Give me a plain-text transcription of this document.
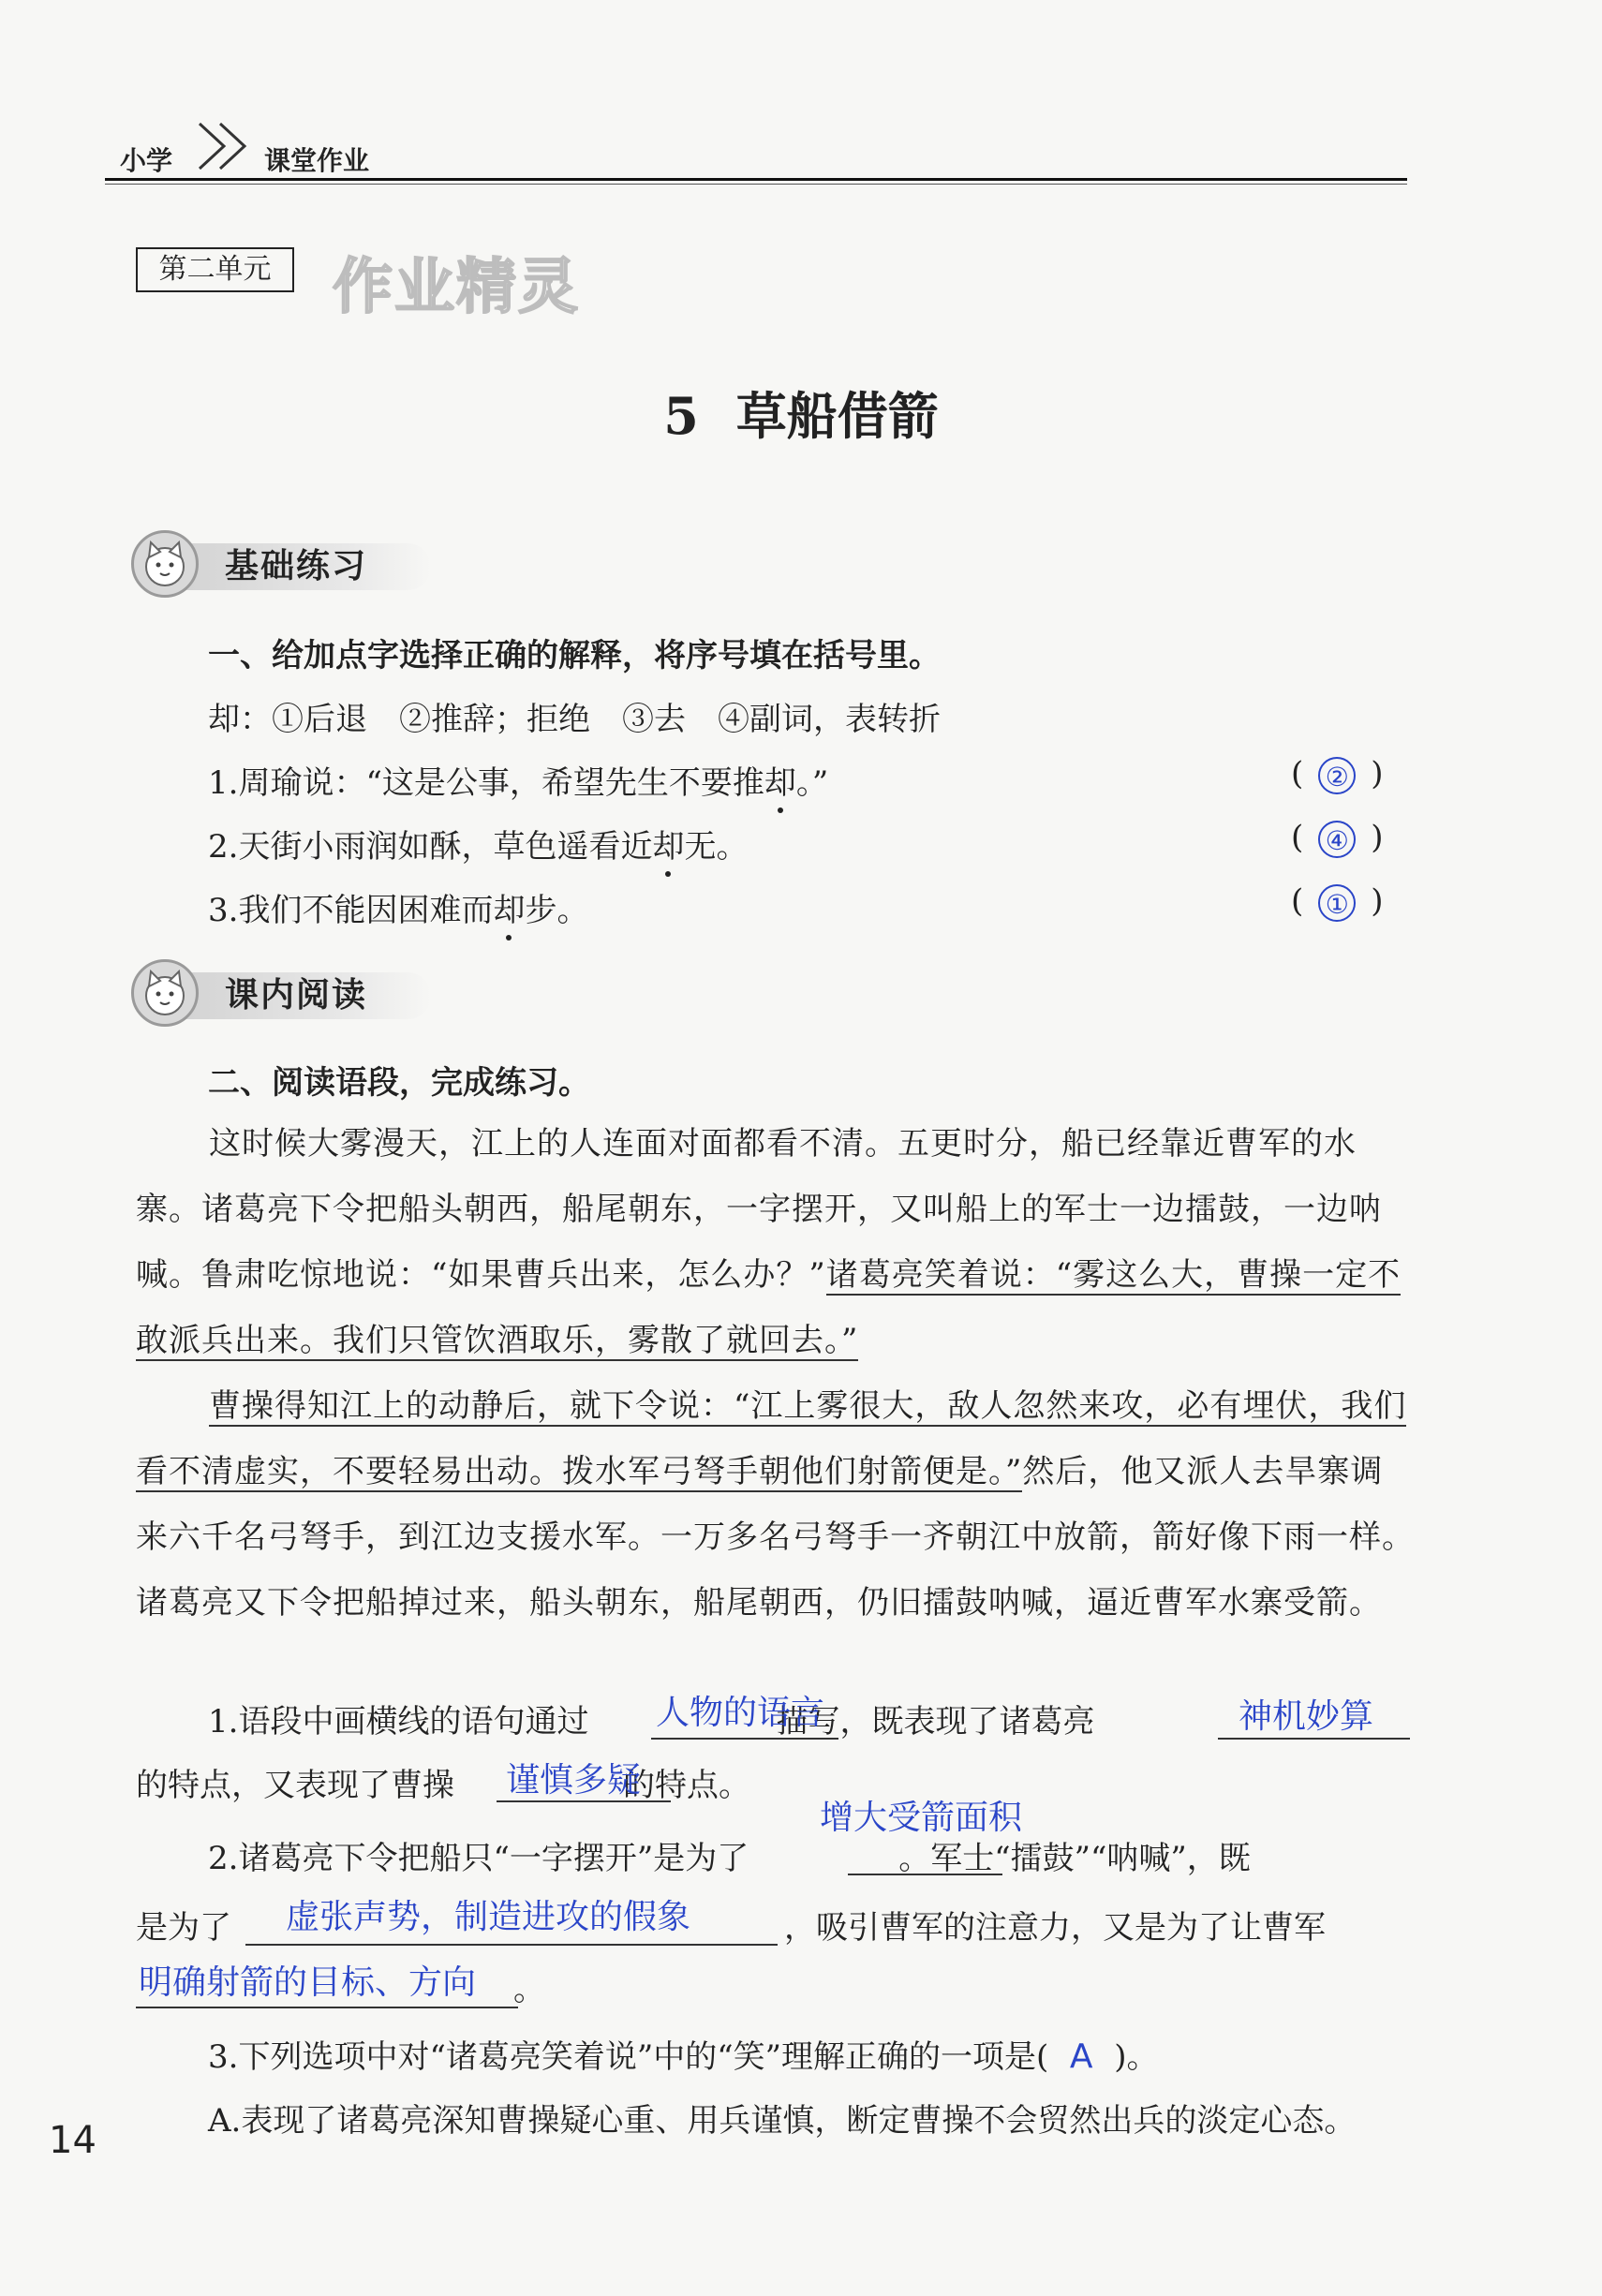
小学	课堂作业
第二单元	作业精灵
5 草船借箭
基础练习
一、给加点字选择正确的解释，将序号填在括号里。
却：①后退　②推辞；拒绝　③去　④副词，表转折
1.周瑜说：“这是公事，希望先生不要推却。”	( ② )
2.天街小雨润如酥，草色遥看近却无。	( ④ )
3.我们不能因困难而却步。	( ① )
课内阅读
二、阅读语段，完成练习。
这时候大雾漫天，江上的人连面对面都看不清。五更时分，船已经靠近曹军的水寨。诸葛亮下令把船头朝西，船尾朝东，一字摆开，又叫船上的军士一边擂鼓，一边呐喊。鲁肃吃惊地说：“如果曹兵出来，怎么办？”诸葛亮笑着说：“雾这么大，曹操一定不敢派兵出来。我们只管饮酒取乐，雾散了就回去。”
曹操得知江上的动静后，就下令说：“江上雾很大，敌人忽然来攻，必有埋伏，我们看不清虚实，不要轻易出动。拨水军弓弩手朝他们射箭便是。”然后，他又派人去旱寨调来六千名弓弩手，到江边支援水军。一万多名弓弩手一齐朝江中放箭，箭好像下雨一样。诸葛亮又下令把船掉过来，船头朝东，船尾朝西，仍旧擂鼓呐喊，逼近曹军水寨受箭。
1.语段中画横线的语句通过	描写，既表现了诸葛亮
人物的语言	神机妙算
的特点，又表现了曹操	的特点。
谨慎多疑
2.诸葛亮下令把船只“一字摆开”是为了	。军士“擂鼓”“呐喊”，既
增大受箭面积
是为了	，吸引曹军的注意力，又是为了让曹军
虚张声势，制造进攻的假象
明确射箭的目标、方向 。
3.下列选项中对“诸葛亮笑着说”中的“笑”理解正确的一项是( A )。
A.表现了诸葛亮深知曹操疑心重、用兵谨慎，断定曹操不会贸然出兵的淡定心态。
14
